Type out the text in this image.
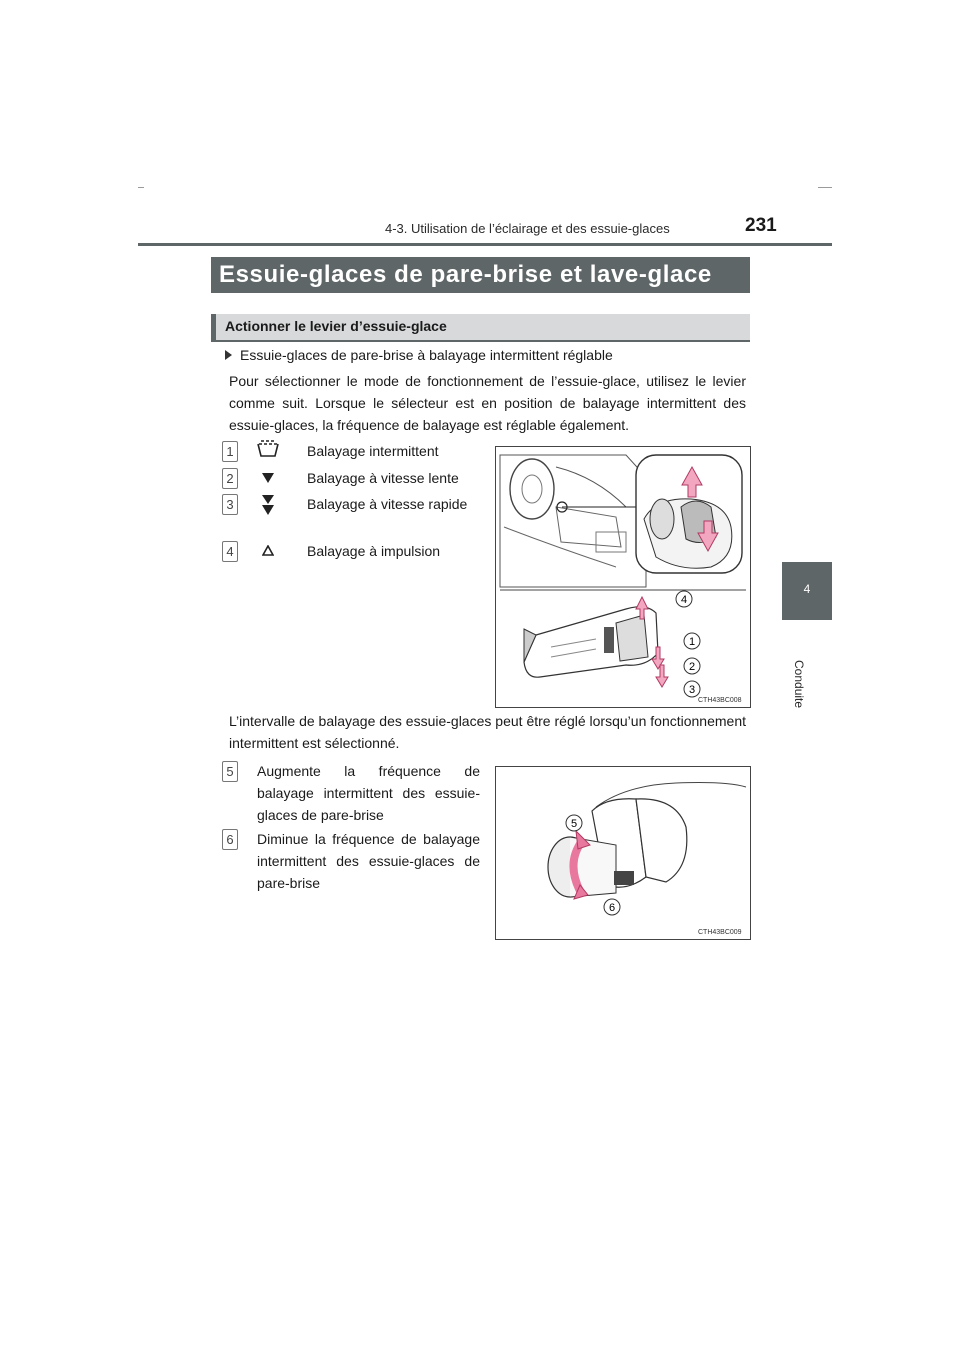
4-3. Utilisation de l’éclairage et des essuie-glaces	231
4
Conduite
Essuie-glaces de pare-brise et lave-glace
Actionner le levier d’essuie-glace
Essuie-glaces de pare-brise à balayage intermittent réglable
Pour sélectionner le mode de fonctionnement de l’essuie-glace, utilisez le levier comme suit. Lorsque le sélecteur est en position de balayage intermittent des essuie-glaces, la fréquence de balayage est réglable également.
1	Balayage intermittent
2	Balayage à vitesse lente
3	Balayage à vitesse rapide
4	Balayage à impulsion
4
1
2
3
CTH43BC008
L’intervalle de balayage des essuie-glaces peut être réglé lorsqu’un fonctionnement intermittent est sélectionné.
5	Augmente la fréquence de balayage intermittent des essuie-glaces de pare-brise
6	Diminue la fréquence de balayage intermittent des essuie-glaces de pare-brise
5
6
CTH43BC009
